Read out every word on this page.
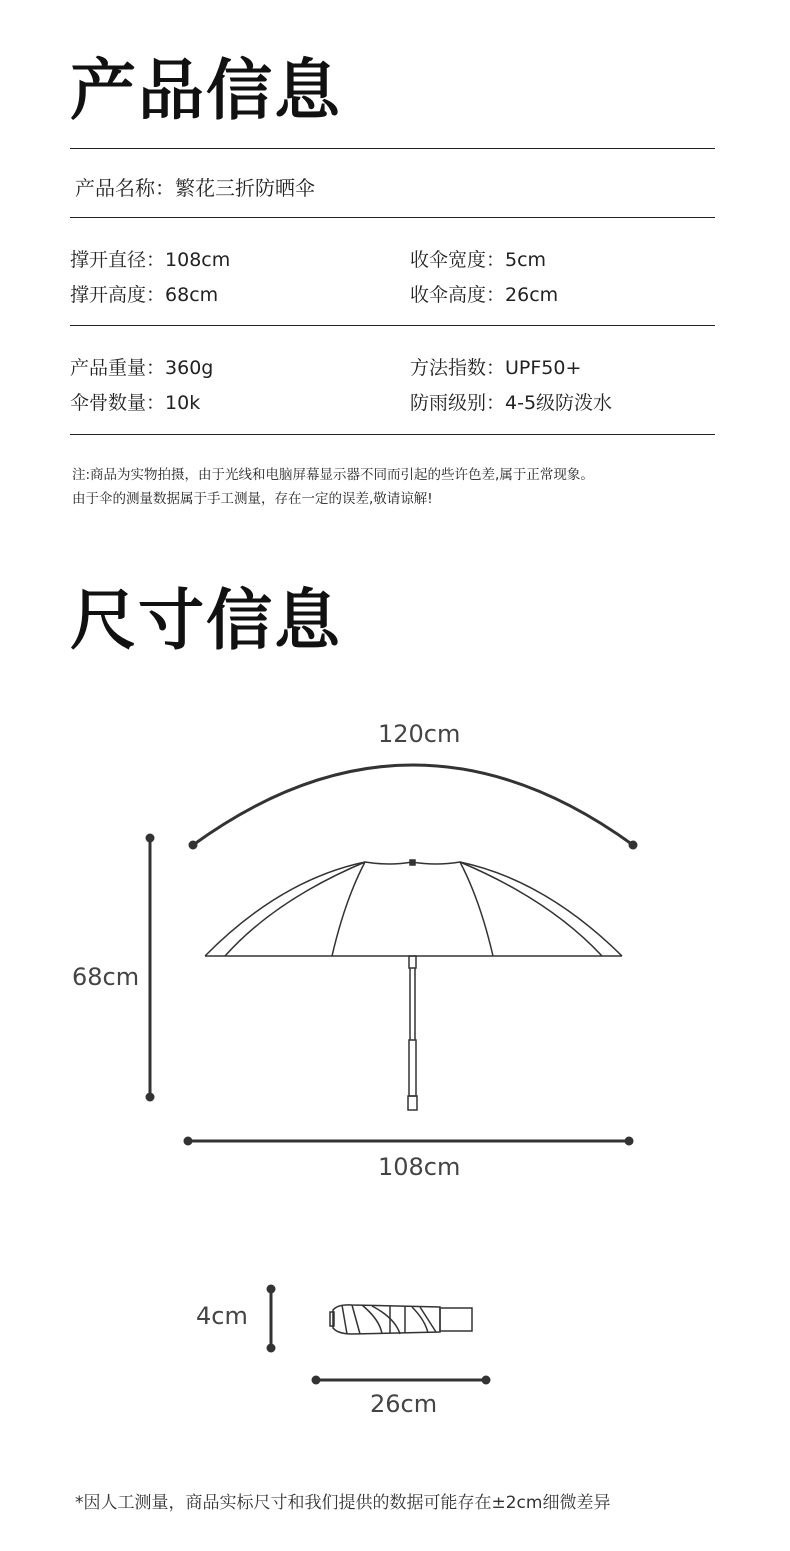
产品信息
产品名称：繁花三折防晒伞
撑开直径：108cm	收伞宽度：5cm
撑开高度：68cm	收伞高度：26cm
产品重量：360g	方法指数：UPF50+
伞骨数量：10k	防雨级别：4-5级防泼水
注:商品为实物拍摄，由于光线和电脑屏幕显示器不同而引起的些许色差,属于正常现象。
由于伞的测量数据属于手工测量，存在一定的误差,敬请谅解!
尺寸信息
120cm
68cm
108cm
4cm
26cm
*因人工测量，商品实标尺寸和我们提供的数据可能存在±2cm细微差异
